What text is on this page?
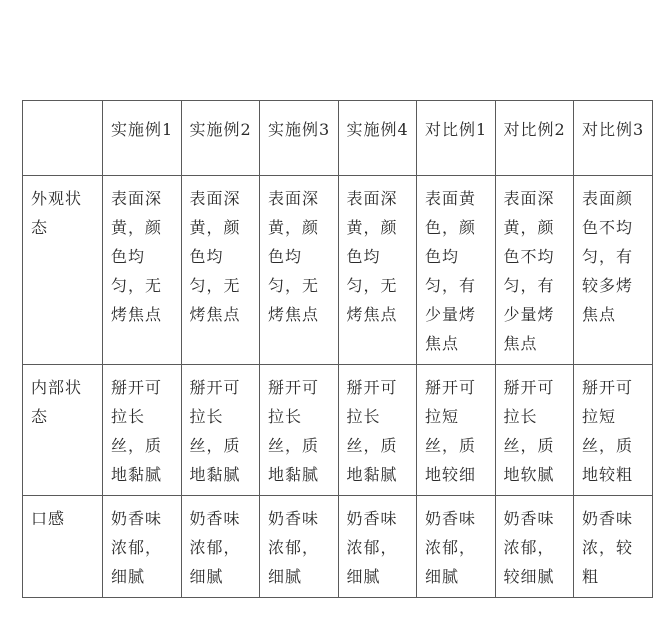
	实施例1	实施例2	实施例3	实施例4	对比例1	对比例2	对比例3
外观状态	表面深黄，颜色均匀，无烤焦点	表面深黄，颜色均匀，无烤焦点	表面深黄，颜色均匀，无烤焦点	表面深黄，颜色均匀，无烤焦点	表面黄色，颜色均匀，有少量烤焦点	表面深黄，颜色不均匀，有少量烤焦点	表面颜色不均匀，有较多烤焦点
内部状态	掰开可拉长丝，质地黏腻	掰开可拉长丝，质地黏腻	掰开可拉长丝，质地黏腻	掰开可拉长丝，质地黏腻	掰开可拉短丝，质地较细	掰开可拉长丝，质地软腻	掰开可拉短丝，质地较粗
口感	奶香味浓郁，细腻	奶香味浓郁，细腻	奶香味浓郁，细腻	奶香味浓郁，细腻	奶香味浓郁，细腻	奶香味浓郁，较细腻	奶香味浓，较粗
